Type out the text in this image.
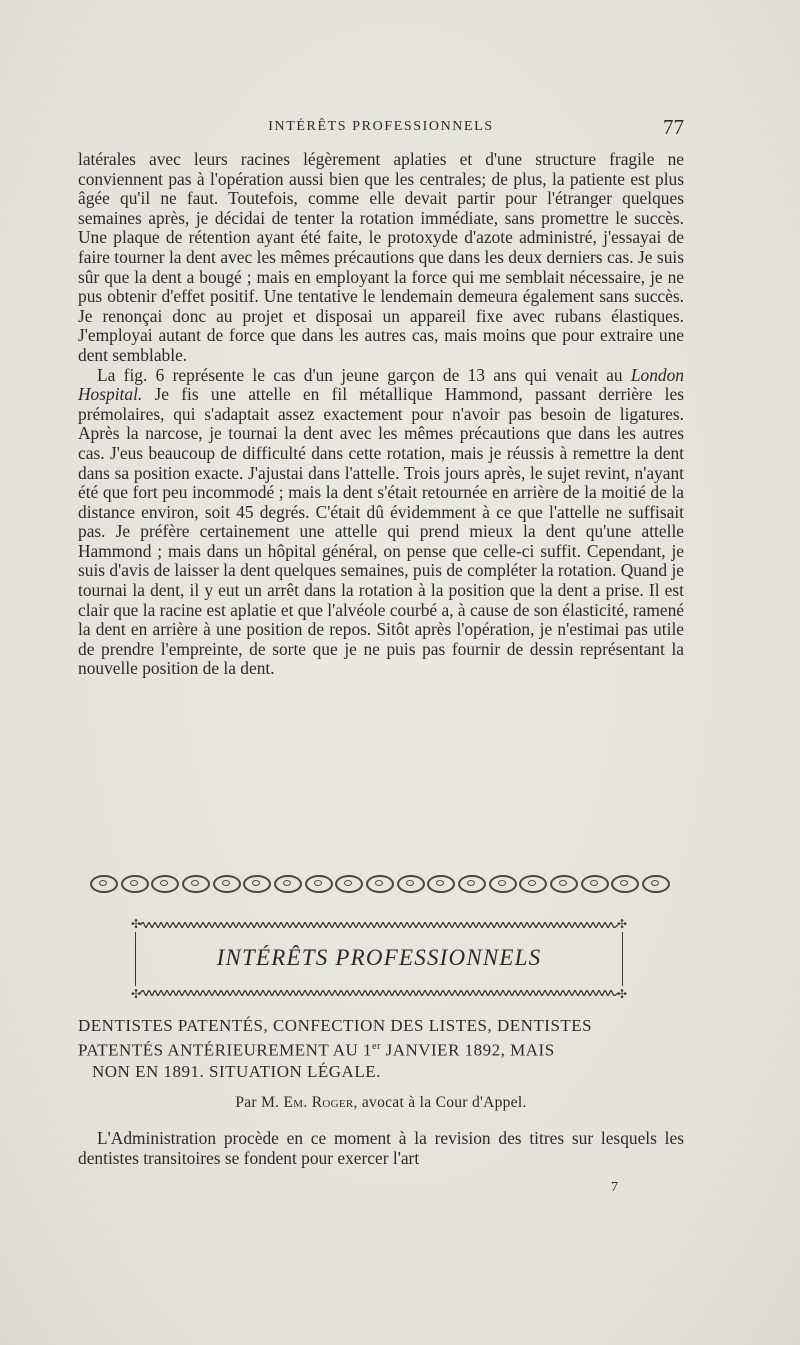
INTÉRÊTS PROFESSIONNELS	77

latérales avec leurs racines légèrement aplaties et d'une structure fragile ne conviennent pas à l'opération aussi bien que les centrales; de plus, la patiente est plus âgée qu'il ne faut. Toutefois, comme elle devait partir pour l'étranger quelques semaines après, je décidai de tenter la rotation immédiate, sans promettre le succès. Une plaque de rétention ayant été faite, le protoxyde d'azote administré, j'essayai de faire tourner la dent avec les mêmes précautions que dans les deux derniers cas. Je suis sûr que la dent a bougé ; mais en employant la force qui me semblait nécessaire, je ne pus obtenir d'effet positif. Une tentative le lendemain demeura également sans succès. Je renonçai donc au projet et disposai un appareil fixe avec rubans élastiques. J'employai autant de force que dans les autres cas, mais moins que pour extraire une dent semblable.

La fig. 6 représente le cas d'un jeune garçon de 13 ans qui venait au London Hospital. Je fis une attelle en fil métallique Hammond, passant derrière les prémolaires, qui s'adaptait assez exactement pour n'avoir pas besoin de ligatures. Après la narcose, je tournai la dent avec les mêmes précautions que dans les autres cas. J'eus beaucoup de difficulté dans cette rotation, mais je réussis à remettre la dent dans sa position exacte. J'ajustai dans l'attelle. Trois jours après, le sujet revint, n'ayant été que fort peu incommodé ; mais la dent s'était retournée en arrière de la moitié de la distance environ, soit 45 degrés. C'était dû évidemment à ce que l'attelle ne suffisait pas. Je préfère certainement une attelle qui prend mieux la dent qu'une attelle Hammond ; mais dans un hôpital général, on pense que celle-ci suffit. Cependant, je suis d'avis de laisser la dent quelques semaines, puis de compléter la rotation. Quand je tournai la dent, il y eut un arrêt dans la rotation à la position que la dent a prise. Il est clair que la racine est aplatie et que l'alvéole courbé a, à cause de son élasticité, ramené la dent en arrière à une position de repos. Sitôt après l'opération, je n'estimai pas utile de prendre l'empreinte, de sorte que je ne puis pas fournir de dessin représentant la nouvelle position de la dent.

✣	✣
✣	✣
INTÉRÊTS PROFESSIONNELS

DENTISTES PATENTÉS, CONFECTION DES LISTES, DENTISTES
PATENTÉS ANTÉRIEUREMENT AU 1er JANVIER 1892, MAIS
NON EN 1891. SITUATION LÉGALE.

Par M. Em. Roger, avocat à la Cour d'Appel.

L'Administration procède en ce moment à la revision des titres sur lesquels les dentistes transitoires se fondent pour exercer l'art

7
